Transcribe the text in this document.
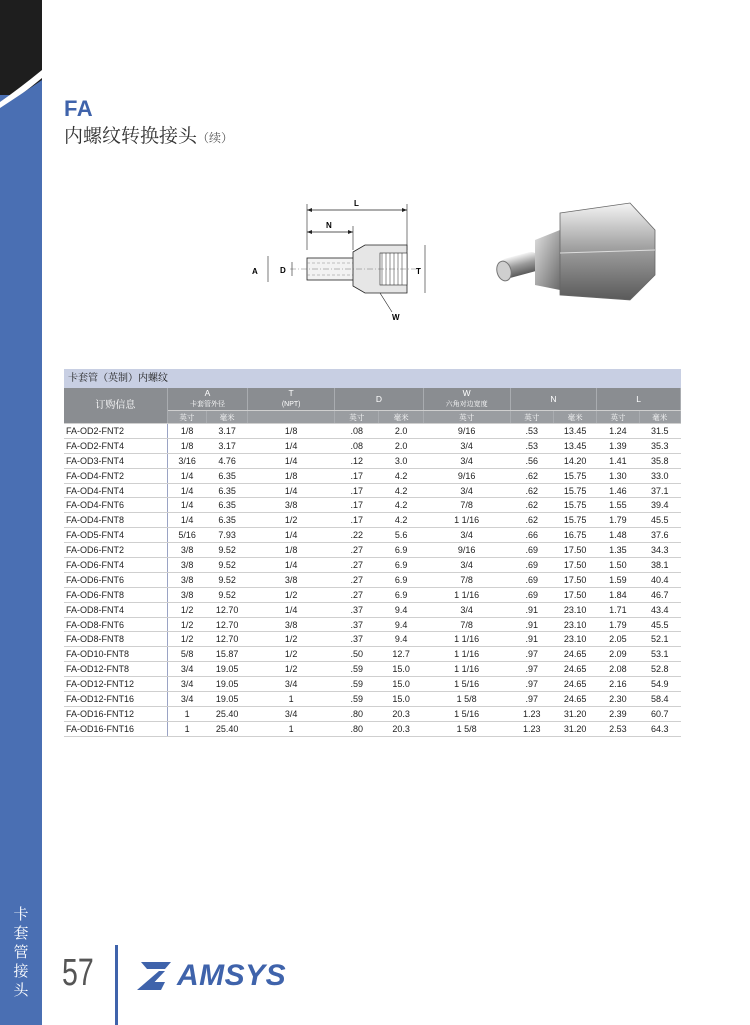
卡
套
管
接
头
FA
内螺纹转换接头（续）
L
N
A	D	T
W
卡套管（英制）内螺纹
订购信息	A
卡套管外径		T
(NPT)	D		W
六角对边宽度	N		L	
	英寸	毫米		英寸	毫米	英寸	英寸	毫米	英寸	毫米
FA-OD2-FNT2	1/8	3.17	1/8	.08	2.0	9/16	.53	13.45	1.24	31.5
FA-OD2-FNT4	1/8	3.17	1/4	.08	2.0	3/4	.53	13.45	1.39	35.3
FA-OD3-FNT4	3/16	4.76	1/4	.12	3.0	3/4	.56	14.20	1.41	35.8
FA-OD4-FNT2	1/4	6.35	1/8	.17	4.2	9/16	.62	15.75	1.30	33.0
FA-OD4-FNT4	1/4	6.35	1/4	.17	4.2	3/4	.62	15.75	1.46	37.1
FA-OD4-FNT6	1/4	6.35	3/8	.17	4.2	7/8	.62	15.75	1.55	39.4
FA-OD4-FNT8	1/4	6.35	1/2	.17	4.2	1 1/16	.62	15.75	1.79	45.5
FA-OD5-FNT4	5/16	7.93	1/4	.22	5.6	3/4	.66	16.75	1.48	37.6
FA-OD6-FNT2	3/8	9.52	1/8	.27	6.9	9/16	.69	17.50	1.35	34.3
FA-OD6-FNT4	3/8	9.52	1/4	.27	6.9	3/4	.69	17.50	1.50	38.1
FA-OD6-FNT6	3/8	9.52	3/8	.27	6.9	7/8	.69	17.50	1.59	40.4
FA-OD6-FNT8	3/8	9.52	1/2	.27	6.9	1 1/16	.69	17.50	1.84	46.7
FA-OD8-FNT4	1/2	12.70	1/4	.37	9.4	3/4	.91	23.10	1.71	43.4
FA-OD8-FNT6	1/2	12.70	3/8	.37	9.4	7/8	.91	23.10	1.79	45.5
FA-OD8-FNT8	1/2	12.70	1/2	.37	9.4	1 1/16	.91	23.10	2.05	52.1
FA-OD10-FNT8	5/8	15.87	1/2	.50	12.7	1 1/16	.97	24.65	2.09	53.1
FA-OD12-FNT8	3/4	19.05	1/2	.59	15.0	1 1/16	.97	24.65	2.08	52.8
FA-OD12-FNT12	3/4	19.05	3/4	.59	15.0	1 5/16	.97	24.65	2.16	54.9
FA-OD12-FNT16	3/4	19.05	1	.59	15.0	1 5/8	.97	24.65	2.30	58.4
FA-OD16-FNT12	1	25.40	3/4	.80	20.3	1 5/16	1.23	31.20	2.39	60.7
FA-OD16-FNT16	1	25.40	1	.80	20.3	1 5/8	1.23	31.20	2.53	64.3
57	AMSYS
